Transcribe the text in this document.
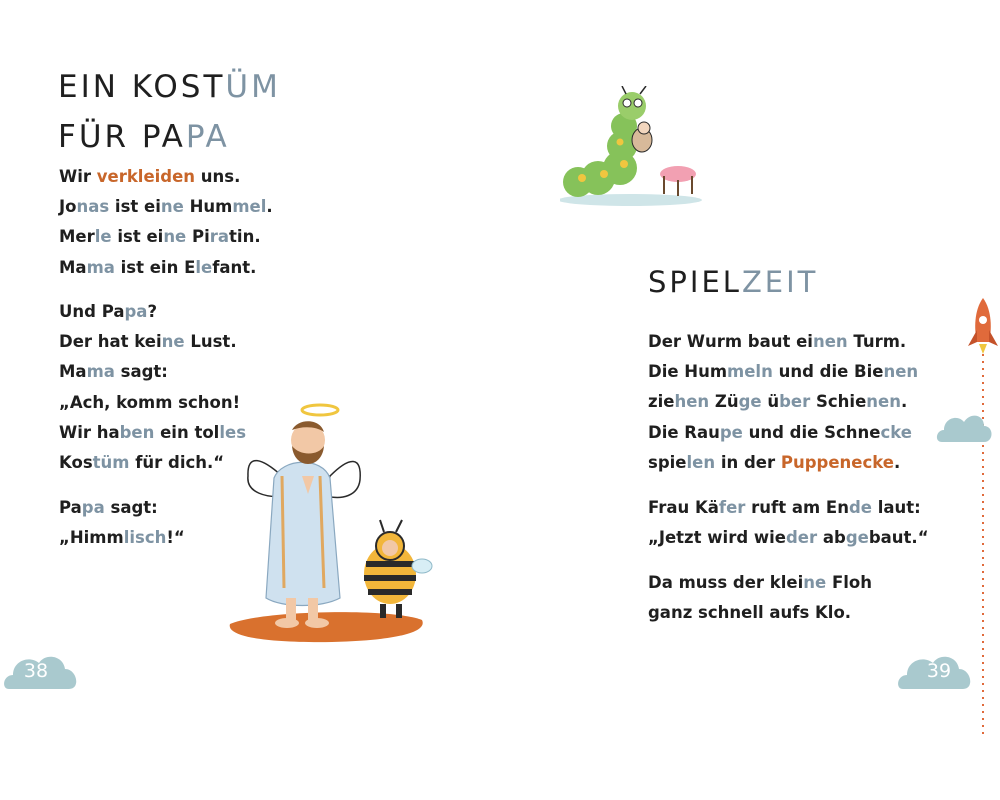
EIN KOSTÜM
FÜR PAPA
Wir verkleiden uns.
Jonas ist eine Hummel.
Merle ist eine Piratin.
Mama ist ein Elefant.
Und Papa?
Der hat keine Lust.
Mama sagt:
„Ach, komm schon!
Wir haben ein tolles
Kostüm für dich.“
Papa sagt:
„Himmlisch!“
38
SPIELZEIT
Der Wurm baut einen Turm.
Die Hummeln und die Bienen
ziehen Züge über Schienen.
Die Raupe und die Schnecke
spielen in der Puppenecke.
Frau Käfer ruft am Ende laut:
„Jetzt wird wieder abgebaut.“
Da muss der kleine Floh
ganz schnell aufs Klo.
39
